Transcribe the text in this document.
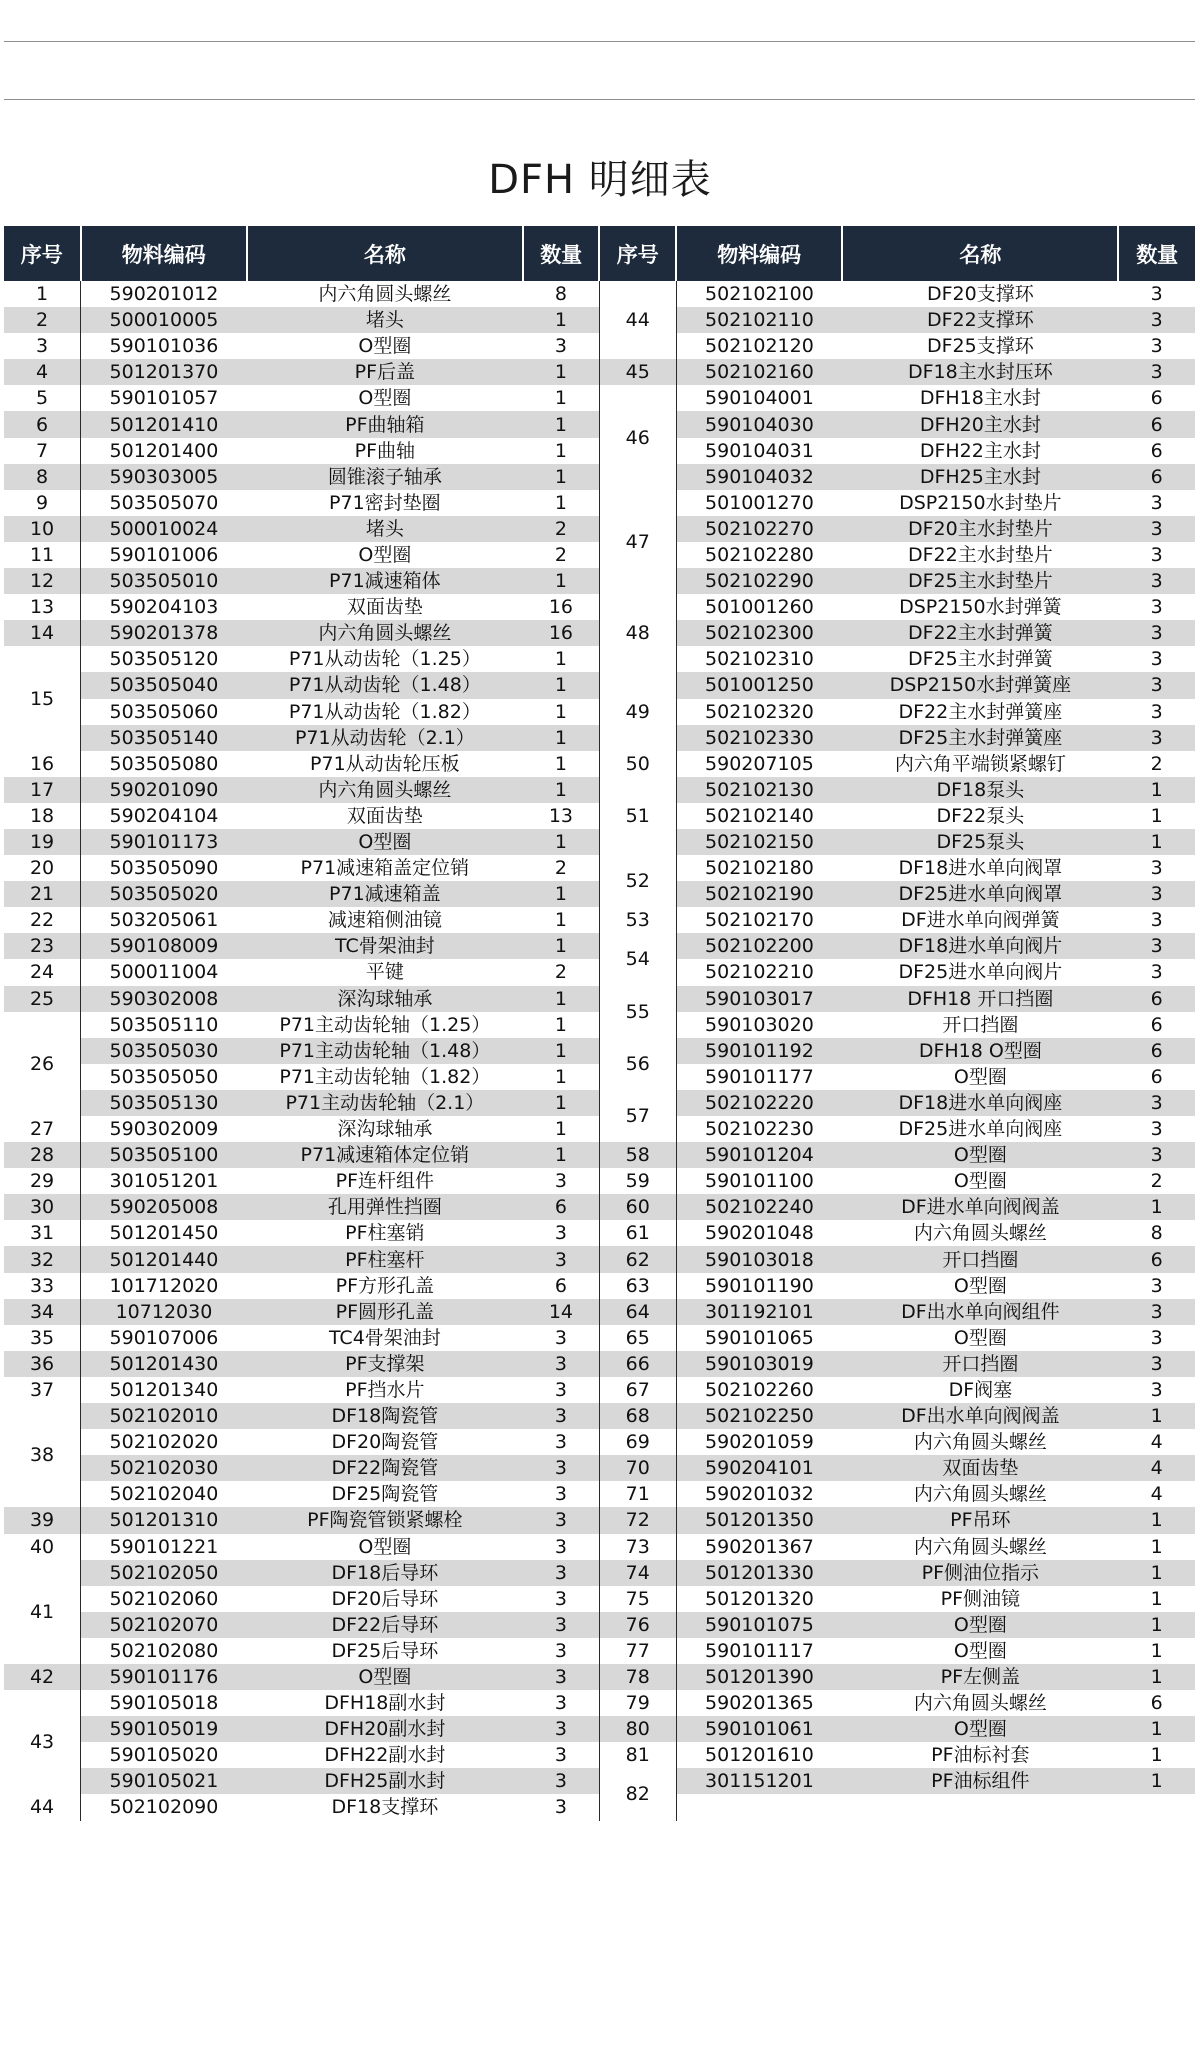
DFH 明细表
序号	物料编码	名称	数量	序号	物料编码	名称	数量
1	590201012	内六角圆头螺丝	8	44	502102100	DF20支撑环	3
2	500010005	堵头	1		502102110	DF22支撑环	3
3	590101036	O型圈	3		502102120	DF25支撑环	3
4	501201370	PF后盖	1	45	502102160	DF18主水封压环	3
5	590101057	O型圈	1	46	590104001	DFH18主水封	6
6	501201410	PF曲轴箱	1		590104030	DFH20主水封	6
7	501201400	PF曲轴	1		590104031	DFH22主水封	6
8	590303005	圆锥滚子轴承	1		590104032	DFH25主水封	6
9	503505070	P71密封垫圈	1	47	501001270	DSP2150水封垫片	3
10	500010024	堵头	2		502102270	DF20主水封垫片	3
11	590101006	O型圈	2		502102280	DF22主水封垫片	3
12	503505010	P71减速箱体	1		502102290	DF25主水封垫片	3
13	590204103	双面齿垫	16	48	501001260	DSP2150水封弹簧	3
14	590201378	内六角圆头螺丝	16		502102300	DF22主水封弹簧	3
15	503505120	P71从动齿轮（1.25）	1		502102310	DF25主水封弹簧	3
	503505040	P71从动齿轮（1.48）	1	49	501001250	DSP2150水封弹簧座	3
	503505060	P71从动齿轮（1.82）	1		502102320	DF22主水封弹簧座	3
	503505140	P71从动齿轮（2.1）	1		502102330	DF25主水封弹簧座	3
16	503505080	P71从动齿轮压板	1	50	590207105	内六角平端锁紧螺钉	2
17	590201090	内六角圆头螺丝	1	51	502102130	DF18泵头	1
18	590204104	双面齿垫	13		502102140	DF22泵头	1
19	590101173	O型圈	1		502102150	DF25泵头	1
20	503505090	P71减速箱盖定位销	2	52	502102180	DF18进水单向阀罩	3
21	503505020	P71减速箱盖	1		502102190	DF25进水单向阀罩	3
22	503205061	减速箱侧油镜	1	53	502102170	DF进水单向阀弹簧	3
23	590108009	TC骨架油封	1	54	502102200	DF18进水单向阀片	3
24	500011004	平键	2		502102210	DF25进水单向阀片	3
25	590302008	深沟球轴承	1	55	590103017	DFH18 开口挡圈	6
26	503505110	P71主动齿轮轴（1.25）	1		590103020	开口挡圈	6
	503505030	P71主动齿轮轴（1.48）	1	56	590101192	DFH18 O型圈	6
	503505050	P71主动齿轮轴（1.82）	1		590101177	O型圈	6
	503505130	P71主动齿轮轴（2.1）	1	57	502102220	DF18进水单向阀座	3
27	590302009	深沟球轴承	1		502102230	DF25进水单向阀座	3
28	503505100	P71减速箱体定位销	1	58	590101204	O型圈	3
29	301051201	PF连杆组件	3	59	590101100	O型圈	2
30	590205008	孔用弹性挡圈	6	60	502102240	DF进水单向阀阀盖	1
31	501201450	PF柱塞销	3	61	590201048	内六角圆头螺丝	8
32	501201440	PF柱塞杆	3	62	590103018	开口挡圈	6
33	101712020	PF方形孔盖	6	63	590101190	O型圈	3
34	10712030	PF圆形孔盖	14	64	301192101	DF出水单向阀组件	3
35	590107006	TC4骨架油封	3	65	590101065	O型圈	3
36	501201430	PF支撑架	3	66	590103019	开口挡圈	3
37	501201340	PF挡水片	3	67	502102260	DF阀塞	3
38	502102010	DF18陶瓷管	3	68	502102250	DF出水单向阀阀盖	1
	502102020	DF20陶瓷管	3	69	590201059	内六角圆头螺丝	4
	502102030	DF22陶瓷管	3	70	590204101	双面齿垫	4
	502102040	DF25陶瓷管	3	71	590201032	内六角圆头螺丝	4
39	501201310	PF陶瓷管锁紧螺栓	3	72	501201350	PF吊环	1
40	590101221	O型圈	3	73	590201367	内六角圆头螺丝	1
41	502102050	DF18后导环	3	74	501201330	PF侧油位指示	1
	502102060	DF20后导环	3	75	501201320	PF侧油镜	1
	502102070	DF22后导环	3	76	590101075	O型圈	1
	502102080	DF25后导环	3	77	590101117	O型圈	1
42	590101176	O型圈	3	78	501201390	PF左侧盖	1
43	590105018	DFH18副水封	3	79	590201365	内六角圆头螺丝	6
	590105019	DFH20副水封	3	80	590101061	O型圈	1
	590105020	DFH22副水封	3	81	501201610	PF油标衬套	1
	590105021	DFH25副水封	3	82	301151201	PF油标组件	1
44	502102090	DF18支撑环	3				
